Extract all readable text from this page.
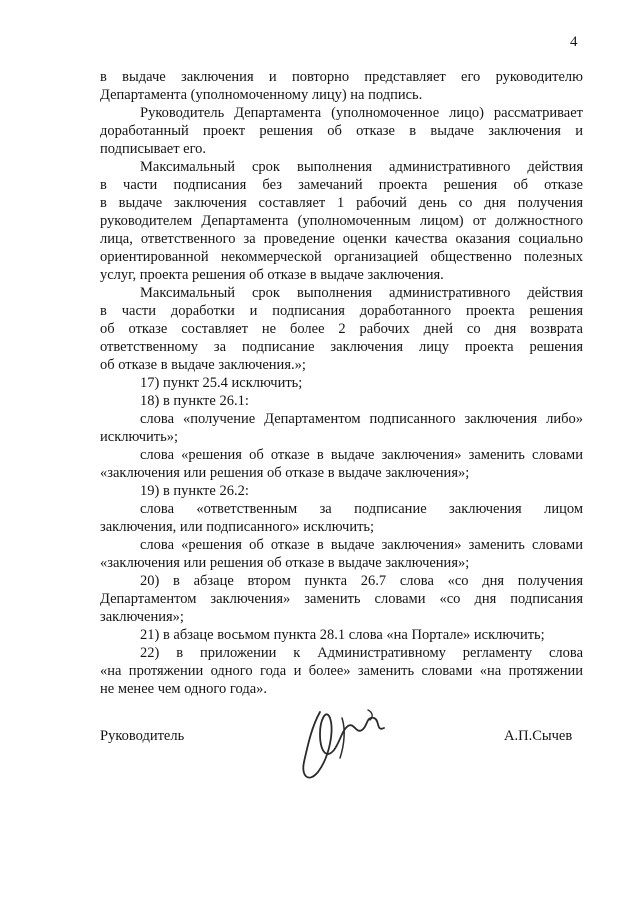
4
в выдаче заключения и повторно представляет его руководителю
Департамента (уполномоченному лицу) на подпись.
Руководитель Департамента (уполномоченное лицо) рассматривает
доработанный проект решения об отказе в выдаче заключения и
подписывает его.
Максимальный срок выполнения административного действия
в части подписания без замечаний проекта решения об отказе
в выдаче заключения составляет 1 рабочий день со дня получения
руководителем Департамента (уполномоченным лицом) от должностного
лица, ответственного за проведение оценки качества оказания социально
ориентированной некоммерческой организацией общественно полезных
услуг, проекта решения об отказе в выдаче заключения.
Максимальный срок выполнения административного действия
в части доработки и подписания доработанного проекта решения
об отказе составляет не более 2 рабочих дней со дня возврата
ответственному за подписание заключения лицу проекта решения
об отказе в выдаче заключения.»;
17) пункт 25.4 исключить;
18) в пункте 26.1:
слова «получение Департаментом подписанного заключения либо»
исключить»;
слова «решения об отказе в выдаче заключения» заменить словами
«заключения или решения об отказе в выдаче заключения»;
19) в пункте 26.2:
слова «ответственным за подписание заключения лицом
заключения, или подписанного» исключить;
слова «решения об отказе в выдаче заключения» заменить словами
«заключения или решения об отказе в выдаче заключения»;
20) в абзаце втором пункта 26.7 слова «со дня получения
Департаментом заключения» заменить словами «со дня подписания
заключения»;
21) в абзаце восьмом пункта 28.1 слова «на Портале» исключить;
22) в приложении к Административному регламенту слова
«на протяжении одного года и более» заменить словами «на протяжении
не менее чем одного года».
Руководитель	А.П.Сычев
